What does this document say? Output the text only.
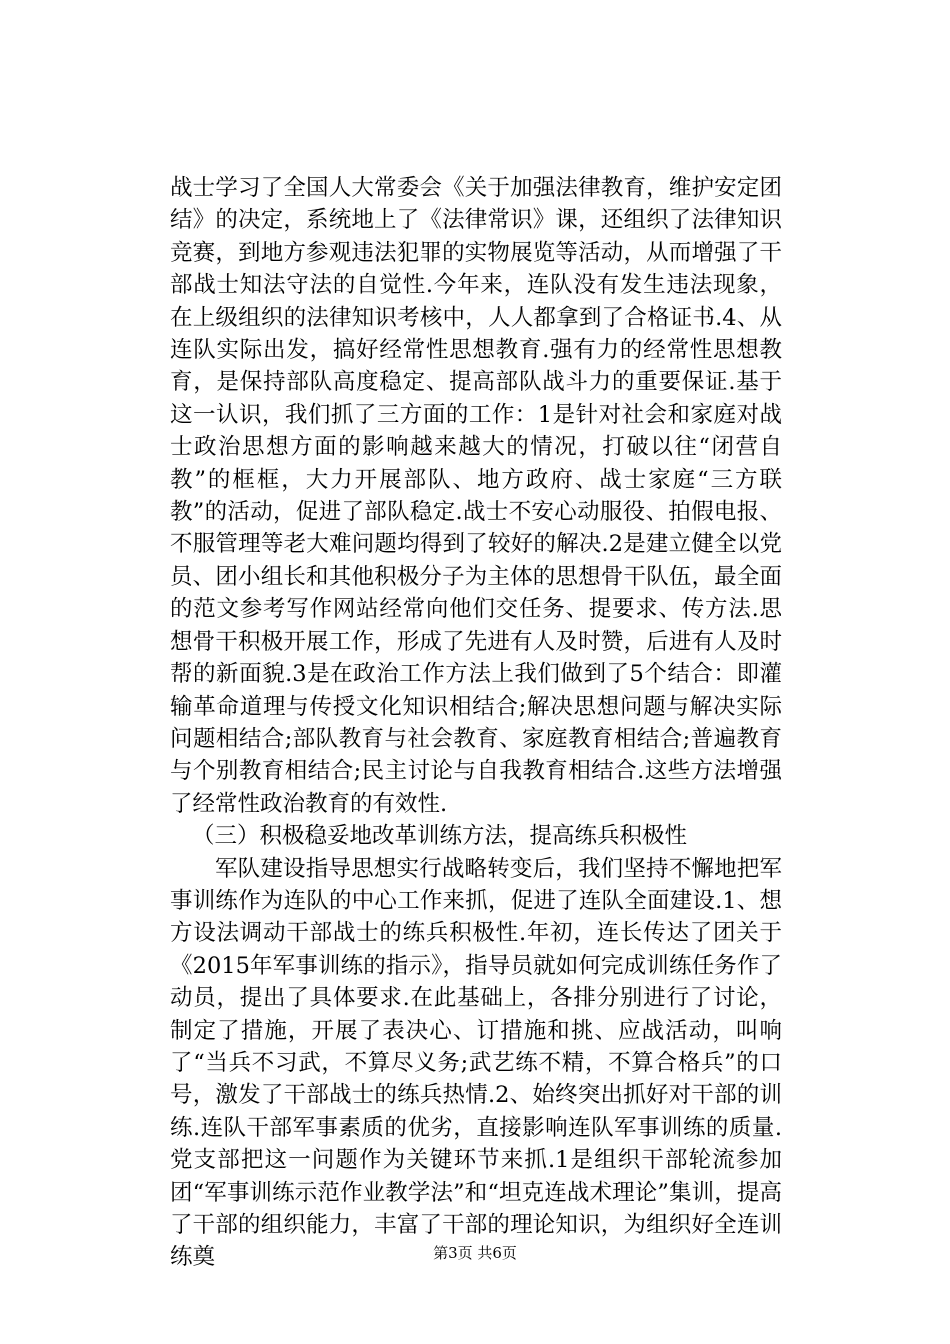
战士学习了全国人大常委会《关于加强法律教育，维护安定团结》的决定，系统地上了《法律常识》课，还组织了法律知识竞赛，到地方参观违法犯罪的实物展览等活动，从而增强了干部战士知法守法的自觉性.今年来，连队没有发生违法现象，在上级组织的法律知识考核中，人人都拿到了合格证书.4、从连队实际出发，搞好经常性思想教育.强有力的经常性思想教育，是保持部队高度稳定、提高部队战斗力的重要保证.基于这一认识，我们抓了三方面的工作：1是针对社会和家庭对战士政治思想方面的影响越来越大的情况，打破以往“闭营自教”的框框，大力开展部队、地方政府、战士家庭“三方联教”的活动，促进了部队稳定.战士不安心动服役、拍假电报、不服管理等老大难问题均得到了较好的解决.2是建立健全以党员、团小组长和其他积极分子为主体的思想骨干队伍，最全面的范文参考写作网站经常向他们交任务、提要求、传方法.思想骨干积极开展工作，形成了先进有人及时赞，后进有人及时帮的新面貌.3是在政治工作方法上我们做到了5个结合：即灌输革命道理与传授文化知识相结合;解决思想问题与解决实际问题相结合;部队教育与社会教育、家庭教育相结合;普遍教育与个别教育相结合;民主讨论与自我教育相结合.这些方法增强了经常性政治教育的有效性.

（三）积极稳妥地改革训练方法，提高练兵积极性

军队建设指导思想实行战略转变后，我们坚持不懈地把军事训练作为连队的中心工作来抓，促进了连队全面建设.1、想方设法调动干部战士的练兵积极性.年初，连长传达了团关于《2015年军事训练的指示》，指导员就如何完成训练任务作了动员，提出了具体要求.在此基础上，各排分别进行了讨论，制定了措施，开展了表决心、订措施和挑、应战活动，叫响了“当兵不习武，不算尽义务;武艺练不精，不算合格兵”的口号，激发了干部战士的练兵热情.2、始终突出抓好对干部的训练.连队干部军事素质的优劣，直接影响连队军事训练的质量.党支部把这一问题作为关键环节来抓.1是组织干部轮流参加团“军事训练示范作业教学法”和“坦克连战术理论”集训，提高了干部的组织能力，丰富了干部的理论知识，为组织好全连训练奠	第3页 共6页
